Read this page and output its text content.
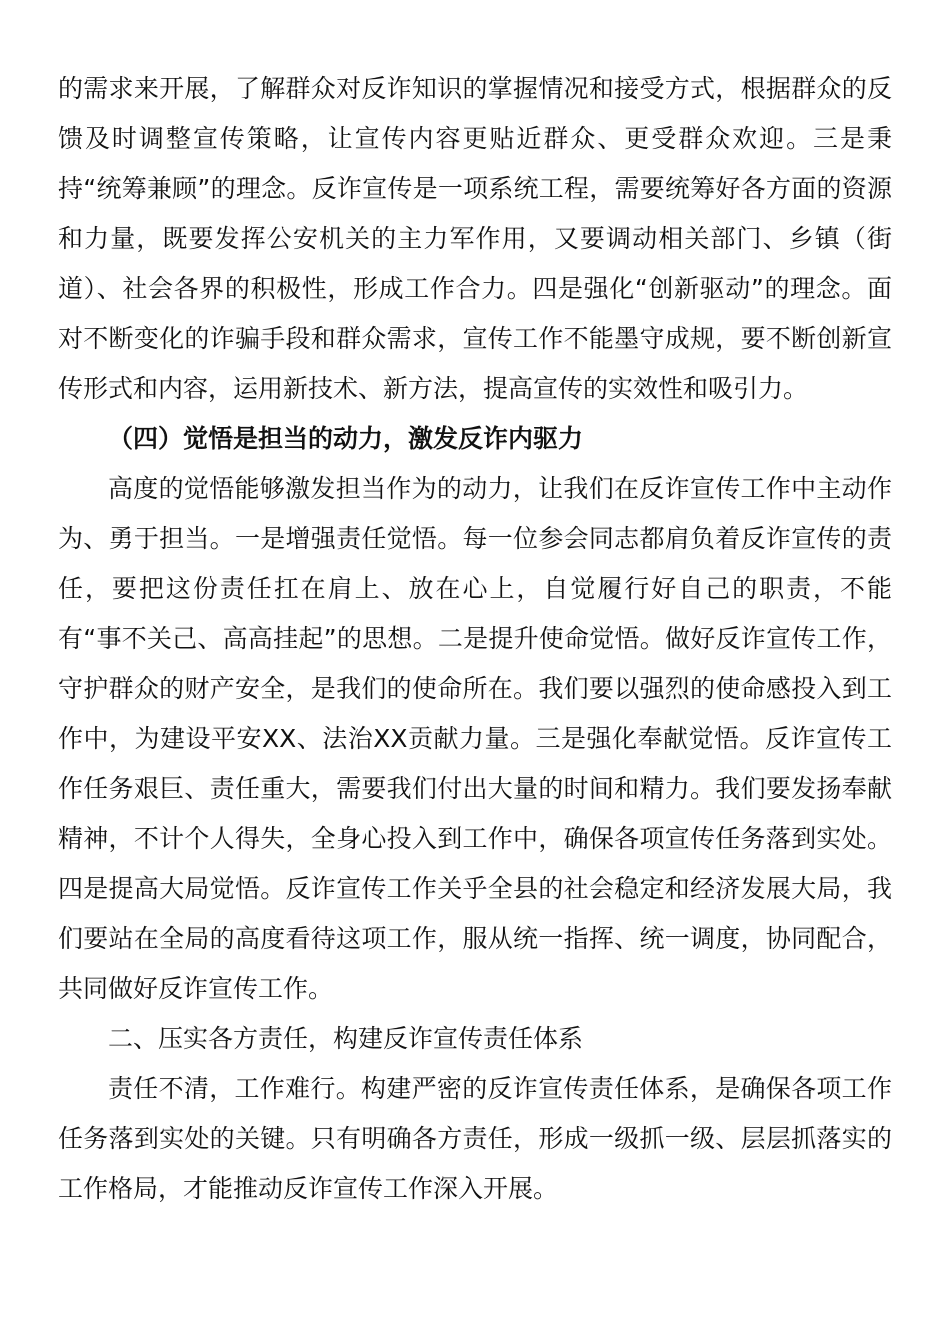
的需求来开展，了解群众对反诈知识的掌握情况和接受方式，根据群众的反馈及时调整宣传策略，让宣传内容更贴近群众、更受群众欢迎。三是秉持“统筹兼顾”的理念。反诈宣传是一项系统工程，需要统筹好各方面的资源和力量，既要发挥公安机关的主力军作用，又要调动相关部门、乡镇（街道）、社会各界的积极性，形成工作合力。四是强化“创新驱动”的理念。面对不断变化的诈骗手段和群众需求，宣传工作不能墨守成规，要不断创新宣传形式和内容，运用新技术、新方法，提高宣传的实效性和吸引力。

（四）觉悟是担当的动力，激发反诈内驱力

高度的觉悟能够激发担当作为的动力，让我们在反诈宣传工作中主动作为、勇于担当。一是增强责任觉悟。每一位参会同志都肩负着反诈宣传的责任，要把这份责任扛在肩上、放在心上，自觉履行好自己的职责，不能有“事不关己、高高挂起”的思想。二是提升使命觉悟。做好反诈宣传工作，守护群众的财产安全，是我们的使命所在。我们要以强烈的使命感投入到工作中，为建设平安XX、法治XX贡献力量。三是强化奉献觉悟。反诈宣传工作任务艰巨、责任重大，需要我们付出大量的时间和精力。我们要发扬奉献精神，不计个人得失，全身心投入到工作中，确保各项宣传任务落到实处。四是提高大局觉悟。反诈宣传工作关乎全县的社会稳定和经济发展大局，我们要站在全局的高度看待这项工作，服从统一指挥、统一调度，协同配合，共同做好反诈宣传工作。

二、压实各方责任，构建反诈宣传责任体系

责任不清，工作难行。构建严密的反诈宣传责任体系，是确保各项工作任务落到实处的关键。只有明确各方责任，形成一级抓一级、层层抓落实的工作格局，才能推动反诈宣传工作深入开展。
